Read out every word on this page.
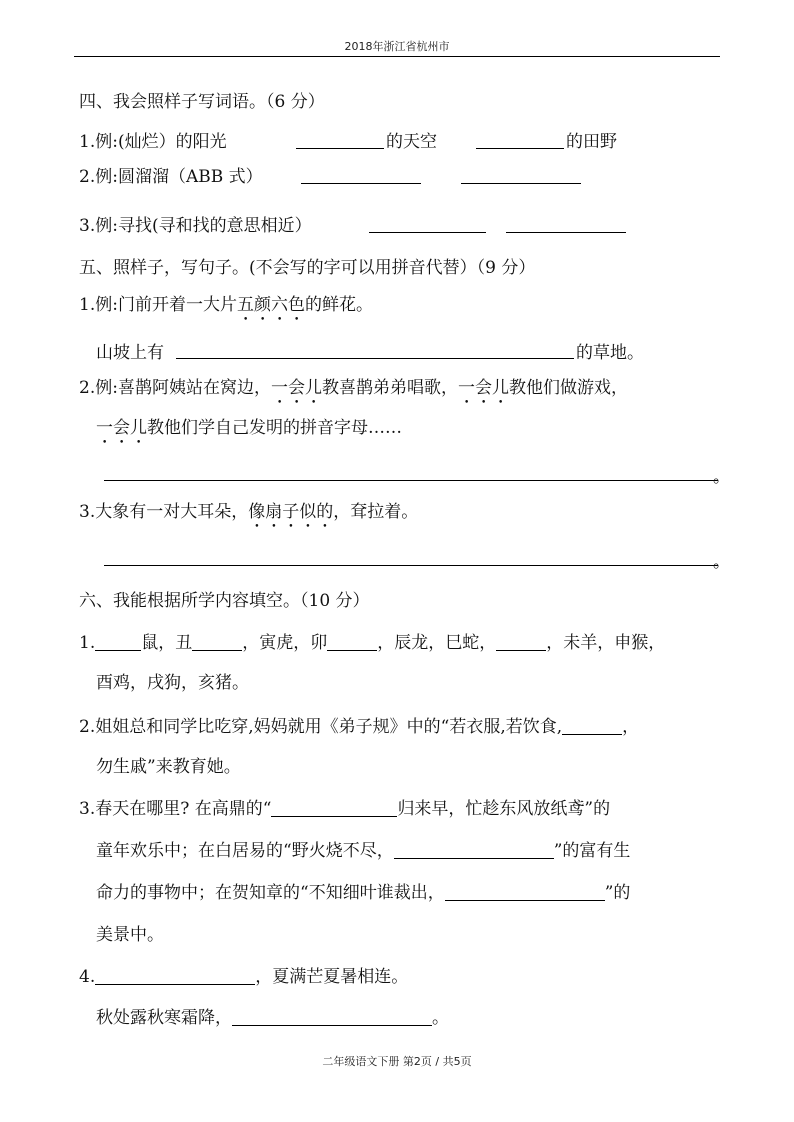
2018年浙江省杭州市
四、我会照样子写词语。（6 分）
1.例:(灿烂）的阳光	的天空	的田野
2.例:圆溜溜（ABB 式）
3.例:寻找(寻和找的意思相近）
五、照样子，写句子。(不会写的字可以用拼音代替）（9 分）
1.例:门前开着一大片五颜六色的鲜花。
山坡上有	的草地。
2.例:喜鹊阿姨站在窝边，一会儿教喜鹊弟弟唱歌，一会儿教他们做游戏，
一会儿教他们学自己发明的拼音字母……
。
3.大象有一对大耳朵，像扇子似的，耷拉着。
。
六、我能根据所学内容填空。（10 分）
1.	鼠，丑	，寅虎，卯	，辰龙，巳蛇，	，未羊，申猴，
酉鸡，戌狗，亥猪。
2.姐姐总和同学比吃穿,妈妈就用《弟子规》中的“若衣服,若饮食,	，
勿生戚”来教育她。
3.春天在哪里? 在高鼎的“	归来早，忙趁东风放纸鸢”的
童年欢乐中；在白居易的“野火烧不尽，	”的富有生
命力的事物中；在贺知章的“不知细叶谁裁出，	”的
美景中。
4.	，夏满芒夏暑相连。
秋处露秋寒霜降，	。
二年级语文下册 第2页 / 共5页
